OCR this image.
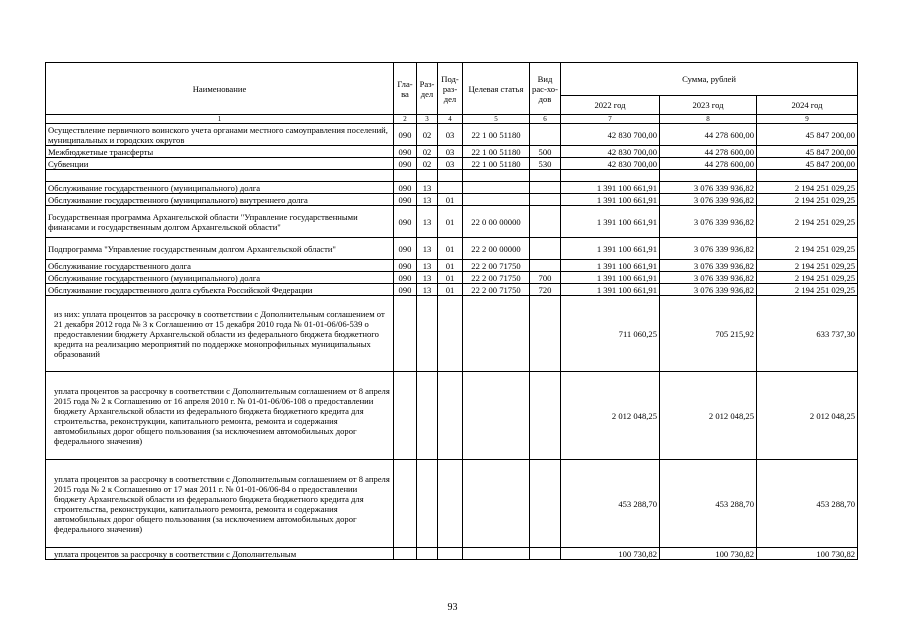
Наименование	Гла-ва	Раз-дел	Под-раз-дел	Целевая статья	Вид рас-хо-дов	Сумма, рублей		
						2022 год	2023 год	2024 год
1	2	3	4	5	6	7	8	9
Осуществление первичного воинского учета органами местного самоуправления поселений, муниципальных и городских округов	090	02	03	22 1 00 51180		42 830 700,00	44 278 600,00	45 847 200,00
Межбюджетные трансферты	090	02	03	22 1 00 51180	500	42 830 700,00	44 278 600,00	45 847 200,00
Субвенции	090	02	03	22 1 00 51180	530	42 830 700,00	44 278 600,00	45 847 200,00

Обслуживание государственного (муниципального) долга	090	13				1 391 100 661,91	3 076 339 936,82	2 194 251 029,25
Обслуживание государственного (муниципального) внутреннего долга	090	13	01			1 391 100 661,91	3 076 339 936,82	2 194 251 029,25
Государственная программа Архангельской области "Управление государственными финансами и государственным долгом Архангельской области"	090	13	01	22 0 00 00000		1 391 100 661,91	3 076 339 936,82	2 194 251 029,25
Подпрограмма "Управление государственным долгом Архангельской области"	090	13	01	22 2 00 00000		1 391 100 661,91	3 076 339 936,82	2 194 251 029,25
Обслуживание государственного долга	090	13	01	22 2 00 71750		1 391 100 661,91	3 076 339 936,82	2 194 251 029,25
Обслуживание государственного (муниципального) долга	090	13	01	22 2 00 71750	700	1 391 100 661,91	3 076 339 936,82	2 194 251 029,25
Обслуживание государственного долга субъекта Российской Федерации	090	13	01	22 2 00 71750	720	1 391 100 661,91	3 076 339 936,82	2 194 251 029,25
из них: уплата процентов за рассрочку в соответствии с Дополнительным соглашением от 21 декабря 2012 года № 3 к Соглашению от 15 декабря 2010 года № 01-01-06/06-539 о предоставлении бюджету Архангельской области из федерального бюджета бюджетного кредита на реализацию мероприятий по поддержке монопрофильных муниципальных образований						711 060,25	705 215,92	633 737,30
уплата процентов за рассрочку в соответствии с Дополнительным соглашением от 8 апреля 2015 года № 2 к Соглашению от 16 апреля 2010 г. № 01-01-06/06-108 о предоставлении бюджету Архангельской области из федерального бюджета бюджетного кредита для строительства, реконструкции, капитального ремонта, ремонта и содержания автомобильных дорог общего пользования (за исключением автомобильных дорог федерального значения)						2 012 048,25	2 012 048,25	2 012 048,25
уплата процентов за рассрочку в соответствии с Дополнительным соглашением от 8 апреля 2015 года № 2 к Соглашению от 17 мая 2011 г. № 01-01-06/06-84 о предоставлении бюджету Архангельской области из федерального бюджета бюджетного кредита для строительства, реконструкции, капитального ремонта, ремонта и содержания автомобильных дорог общего пользования (за исключением автомобильных дорог федерального значения)						453 288,70	453 288,70	453 288,70
уплата процентов за рассрочку в соответствии с Дополнительным						100 730,82	100 730,82	100 730,82
93
